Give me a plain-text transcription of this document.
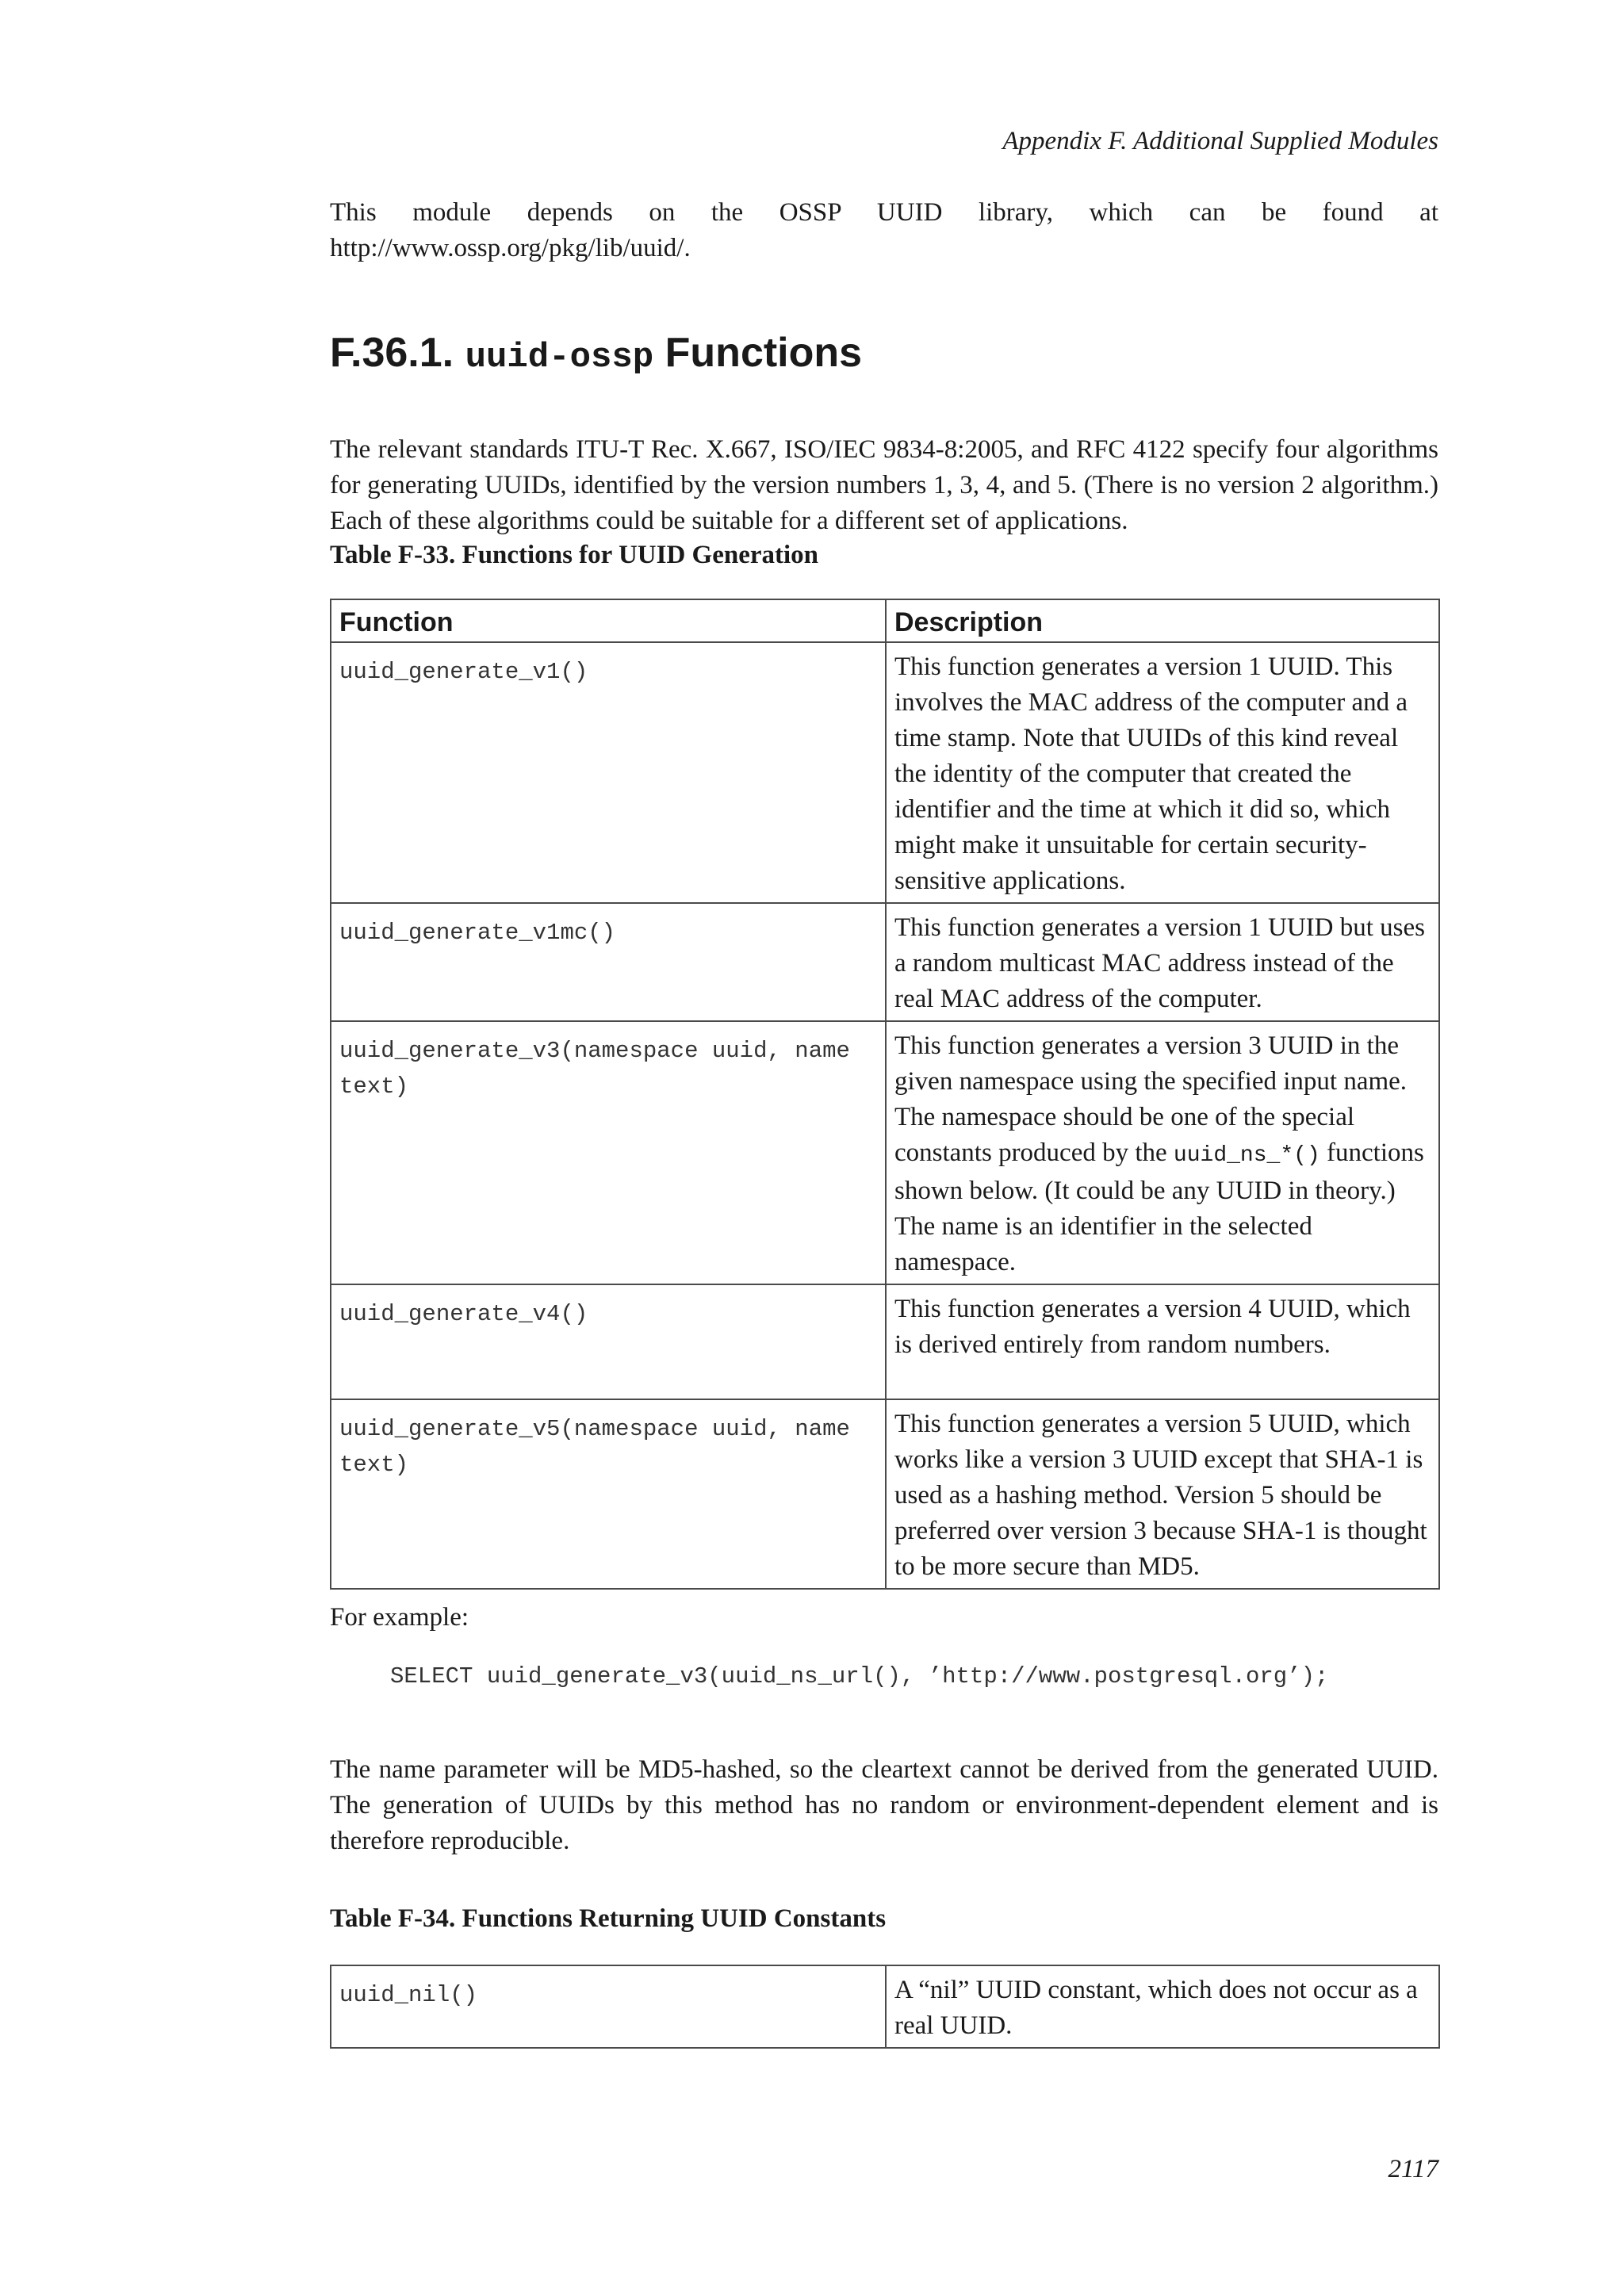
Appendix F. Additional Supplied Modules
This module depends on the OSSP UUID library, which can be found at
http://www.ossp.org/pkg/lib/uuid/.
F.36.1. uuid-ossp Functions
The relevant standards ITU-T Rec. X.667, ISO/IEC 9834-8:2005, and RFC 4122 specify four algorithms for generating UUIDs, identified by the version numbers 1, 3, 4, and 5. (There is no version 2 algorithm.) Each of these algorithms could be suitable for a different set of applications.
Table F-33. Functions for UUID Generation
Function	Description
uuid_generate_v1()	This function generates a version 1 UUID. This involves the MAC address of the computer and a time stamp. Note that UUIDs of this kind reveal the identity of the computer that created the identifier and the time at which it did so, which might make it unsuitable for certain security-sensitive applications.
uuid_generate_v1mc()	This function generates a version 1 UUID but uses a random multicast MAC address instead of the real MAC address of the computer.
uuid_generate_v3(namespace uuid, name text)	This function generates a version 3 UUID in the given namespace using the specified input name. The namespace should be one of the special constants produced by the uuid_ns_*() functions shown below. (It could be any UUID in theory.) The name is an identifier in the selected namespace.
uuid_generate_v4()	This function generates a version 4 UUID, which is derived entirely from random numbers.
uuid_generate_v5(namespace uuid, name text)	This function generates a version 5 UUID, which works like a version 3 UUID except that SHA-1 is used as a hashing method. Version 5 should be preferred over version 3 because SHA-1 is thought to be more secure than MD5.
For example:
SELECT uuid_generate_v3(uuid_ns_url(), ’http://www.postgresql.org’);
The name parameter will be MD5-hashed, so the cleartext cannot be derived from the generated UUID. The generation of UUIDs by this method has no random or environment-dependent element and is therefore reproducible.
Table F-34. Functions Returning UUID Constants
uuid_nil()	A “nil” UUID constant, which does not occur as a real UUID.
2117
